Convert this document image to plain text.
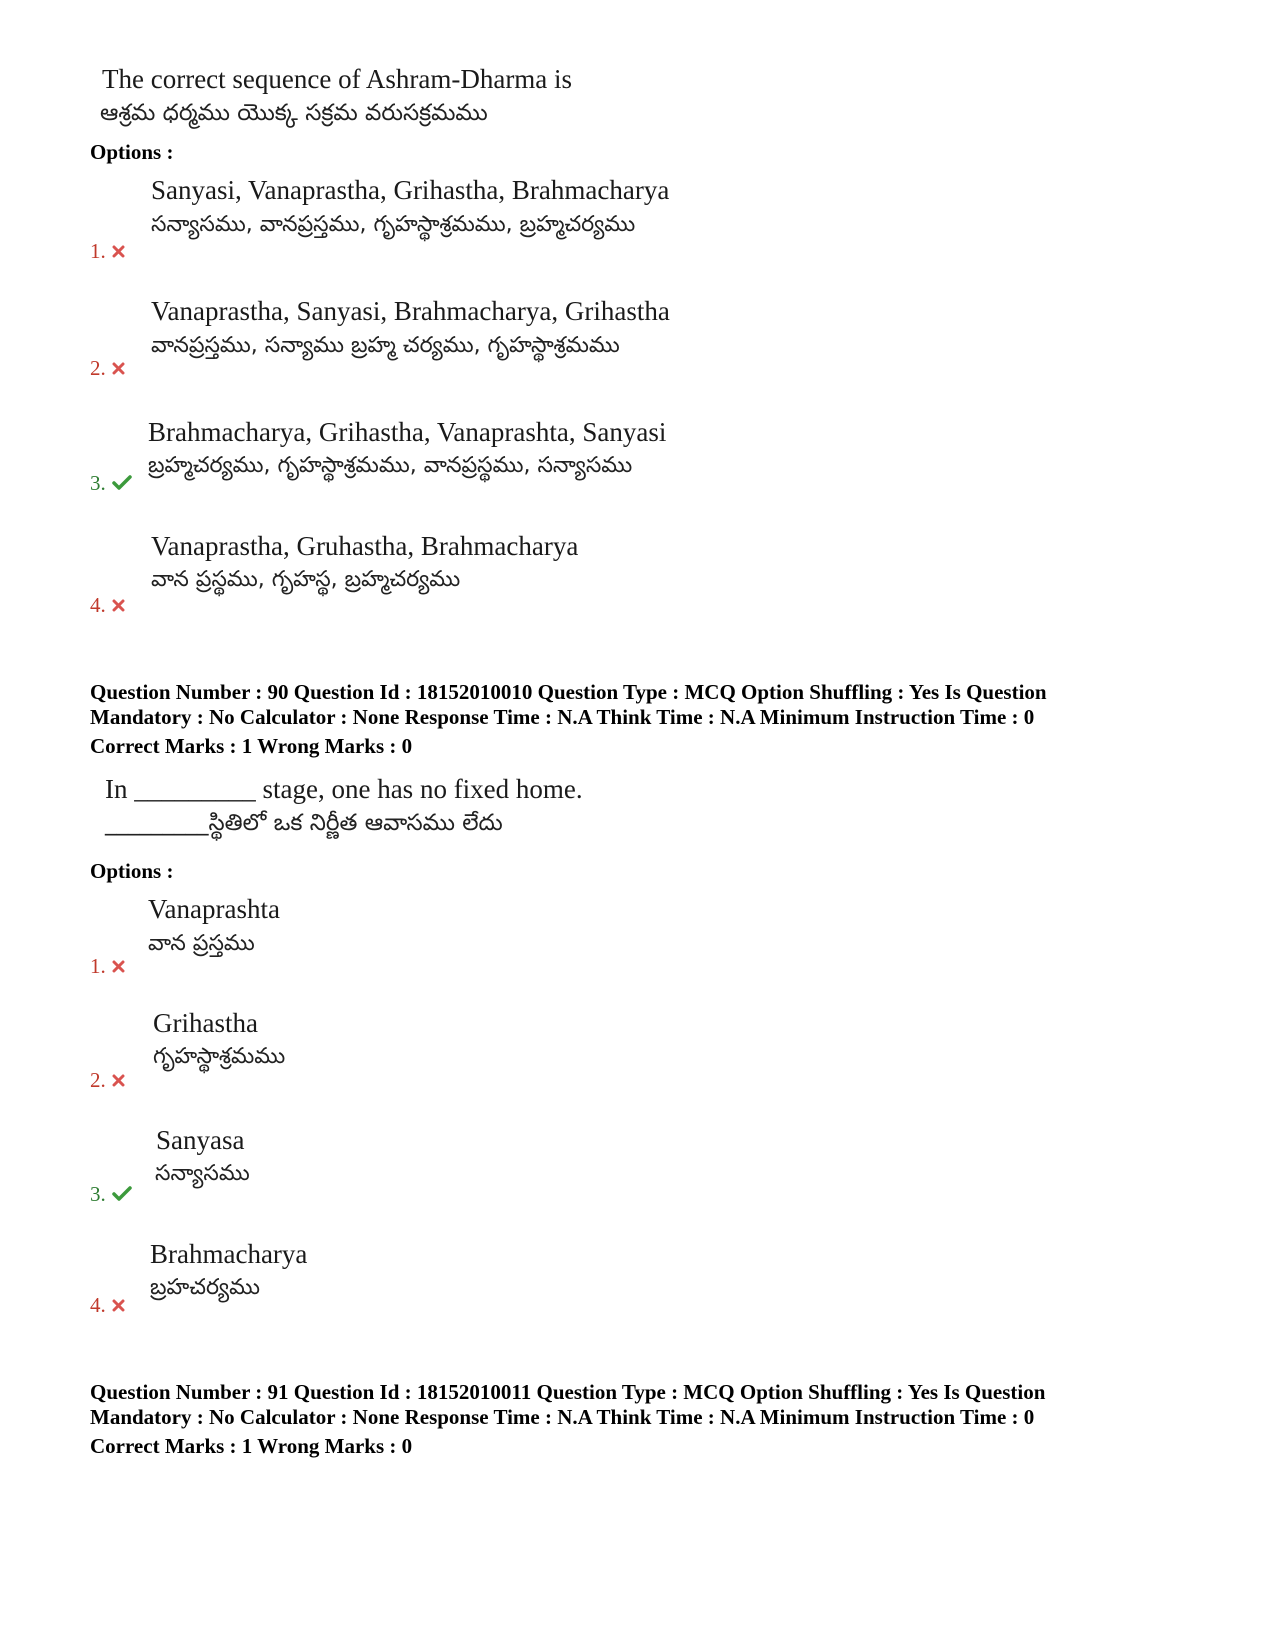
The correct sequence of Ashram-Dharma is
ఆశ్రమ ధర్మము యొక్క సక్రమ వరుసక్రమము
Options :
Sanyasi, Vanaprastha, Grihastha, Brahmacharya
సన్యాసము, వానప్రస్తము, గృహస్థాశ్రమము, బ్రహ్మచర్యము
1.
Vanaprastha, Sanyasi, Brahmacharya, Grihastha
వానప్రస్తము, సన్యాము బ్రహ్మ చర్యము, గృహస్థాశ్రమము
2.
Brahmacharya, Grihastha, Vanaprashta, Sanyasi
బ్రహ్మచర్యము, గృహస్థాశ్రమము, వానప్రస్థము, సన్యాసము
3.
Vanaprastha, Gruhastha, Brahmacharya
వాన ప్రస్థము, గృహస్థ, బ్రహ్మచర్యము
4.
Question Number : 90 Question Id : 18152010010 Question Type : MCQ Option Shuffling : Yes Is Question
Mandatory : No Calculator : None Response Time : N.A Think Time : N.A Minimum Instruction Time : 0
Correct Marks : 1 Wrong Marks : 0
In _________ stage, one has no fixed home.
_________స్థితిలో ఒక నిర్ణీత ఆవాసము లేదు
Options :
Vanaprashta
వాన ప్రస్తము
1.
Grihastha
గృహస్థాశ్రమము
2.
Sanyasa
సన్యాసము
3.
Brahmacharya
బ్రహచర్యము
4.
Question Number : 91 Question Id : 18152010011 Question Type : MCQ Option Shuffling : Yes Is Question
Mandatory : No Calculator : None Response Time : N.A Think Time : N.A Minimum Instruction Time : 0
Correct Marks : 1 Wrong Marks : 0
